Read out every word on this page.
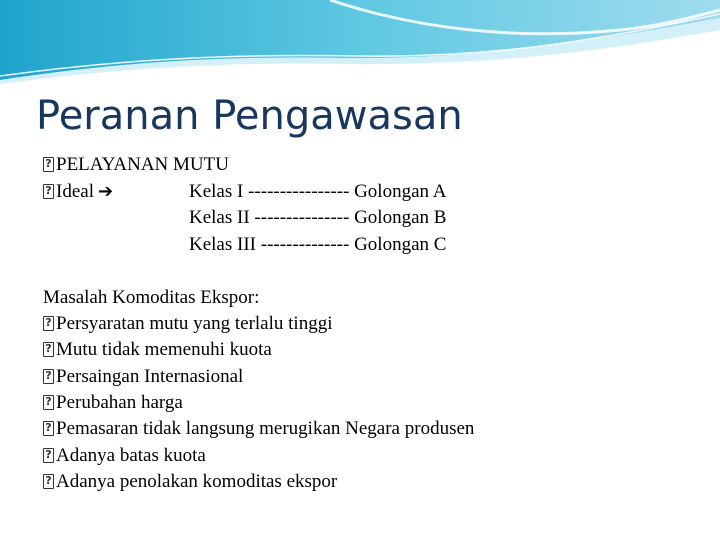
Peranan Pengawasan
?PELAYANAN MUTU
?Ideal ➔	Kelas I ---------------- Golongan A
Kelas II --------------- Golongan B
Kelas III -------------- Golongan C
Masalah Komoditas Ekspor:
?Persyaratan mutu yang terlalu tinggi
?Mutu tidak memenuhi kuota
?Persaingan Internasional
?Perubahan harga
?Pemasaran tidak langsung merugikan Negara produsen
?Adanya batas kuota
?Adanya penolakan komoditas ekspor
